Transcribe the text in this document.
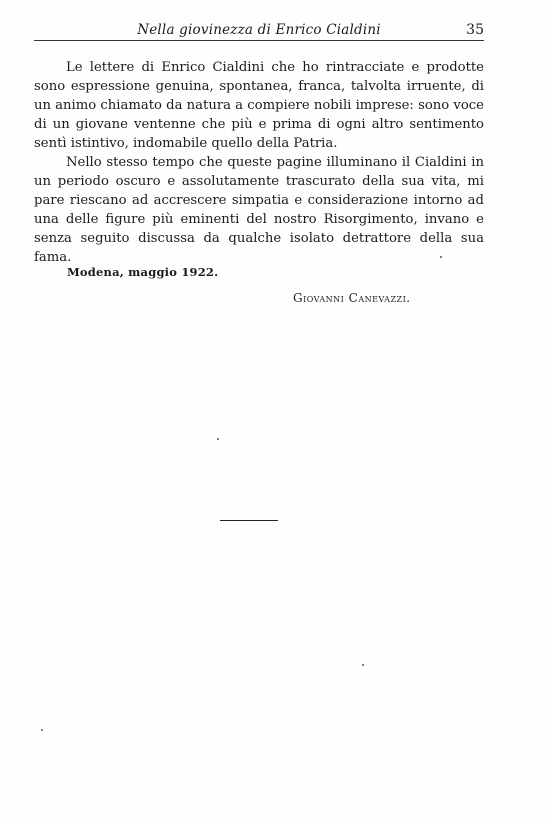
Nella giovinezza di Enrico Cialdini	35

Le lettere di Enrico Cialdini che ho rintracciate e prodotte sono espressione genuina, spontanea, franca, talvolta irruente, di un animo chiamato da natura a compiere nobili imprese: sono voce di un giovane ventenne che più e prima di ogni altro sentimento sentì istintivo, indomabile quello della Patria.

Nello stesso tempo che queste pagine illuminano il Cialdini in un periodo oscuro e assolutamente trascurato della sua vita, mi pare riescano ad accrescere simpatia e considerazione intorno ad una delle figure più eminenti del nostro Risorgimento, invano e senza seguito discussa da qualche isolato detrattore della sua fama.

Modena, maggio 1922.
Giovanni Canevazzi.
